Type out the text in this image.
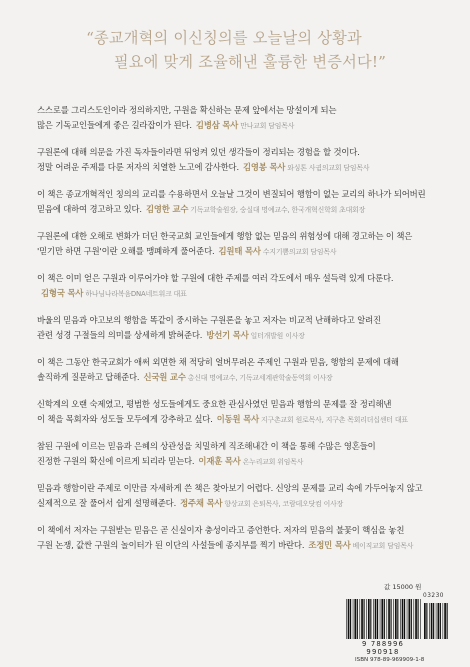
“종교개혁의 이신칭의를 오늘날의 상황과
필요에 맞게 조율해낸 훌륭한 변증서다!”
스스로를 그리스도인이라 정의하지만, 구원을 확신하는 문제 앞에서는 망설이게 되는
많은 기독교인들에게 좋은 길라잡이가 된다. 김병삼 목사 만나교회 담임목사
구원론에 대해 의문을 가진 독자들이라면 뒤엉켜 있던 생각들이 정리되는 경험을 할 것이다.
정말 어려운 주제를 다룬 저자의 치열한 노고에 감사한다. 김영봉 목사 와싱톤 사귐의교회 담임목사
이 책은 종교개혁적인 칭의의 교리를 수용하면서 오늘날 그것이 변질되어 행함이 없는 교리의 하나가 되어버린
믿음에 대하여 경고하고 있다. 김영한 교수 기독교학술원장, 숭실대 명예교수, 한국개혁신학회 초대회장
구원론에 대한 오해로 변화가 더딘 한국교회 교인들에게 행함 없는 믿음의 위험성에 대해 경고하는 이 책은
'믿기만 하면 구원'이란 오해를 맹폐하게 풀어준다. 김원태 목사 수지기쁨의교회 담임목사
이 책은 이미 얻은 구원과 이루어가야 할 구원에 대한 주제를 여러 각도에서 매우 설득력 있게 다룬다.
김형국 목사 하나님나라복음DNA네트워크 대표
바울의 믿음과 야고보의 행함을 똑같이 중시하는 구원론을 놓고 저자는 비교적 난해하다고 알려진
관련 성경 구절들의 의미를 상세하게 밝혀준다. 방선기 목사 일터개발원 이사장
이 책은 그동안 한국교회가 애써 외면한 채 적당히 얼버무려온 주제인 구원과 믿음, 행함의 문제에 대해
솔직하게 질문하고 답해준다. 신국원 교수 총신대 명예교수, 기독교세계관학술동역회 이사장
신학계의 오랜 숙제였고, 평범한 성도들에게도 중요한 관심사였던 믿음과 행함의 문제를 잘 정리해낸
이 책을 목회자와 성도들 모두에게 강추하고 싶다. 이동원 목사 지구촌교회 원로목사, 지구촌 목회리더십센터 대표
참된 구원에 이르는 믿음과 은혜의 상관성을 치밀하게 직조해내간 이 책을 통해 수많은 영혼들이
진정한 구원의 확신에 이르게 되리라 믿는다. 이재훈 목사 온누리교회 위임목사
믿음과 행함이란 주제로 이만큼 자세하게 쓴 책은 찾아보기 어렵다. 신앙의 문제를 교리 속에 가두어놓지 않고
실제적으로 잘 풀어서 쉽게 설명해준다. 정주채 목사 향상교회 은퇴목사, 코람데오닷컴 이사장
이 책에서 저자는 구원받는 믿음은 곧 신실이자 충성이라고 증언한다. 저자의 믿음의 불꽃이 핵심을 놓친
구원 논쟁, 값싼 구원의 놀이터가 된 이단의 사설들에 종지부를 찍기 바란다. 조정민 목사 베이직교회 담임목사
값 15000 원
03230
9 788996 990918
ISBN 978-89-969909-1-8
